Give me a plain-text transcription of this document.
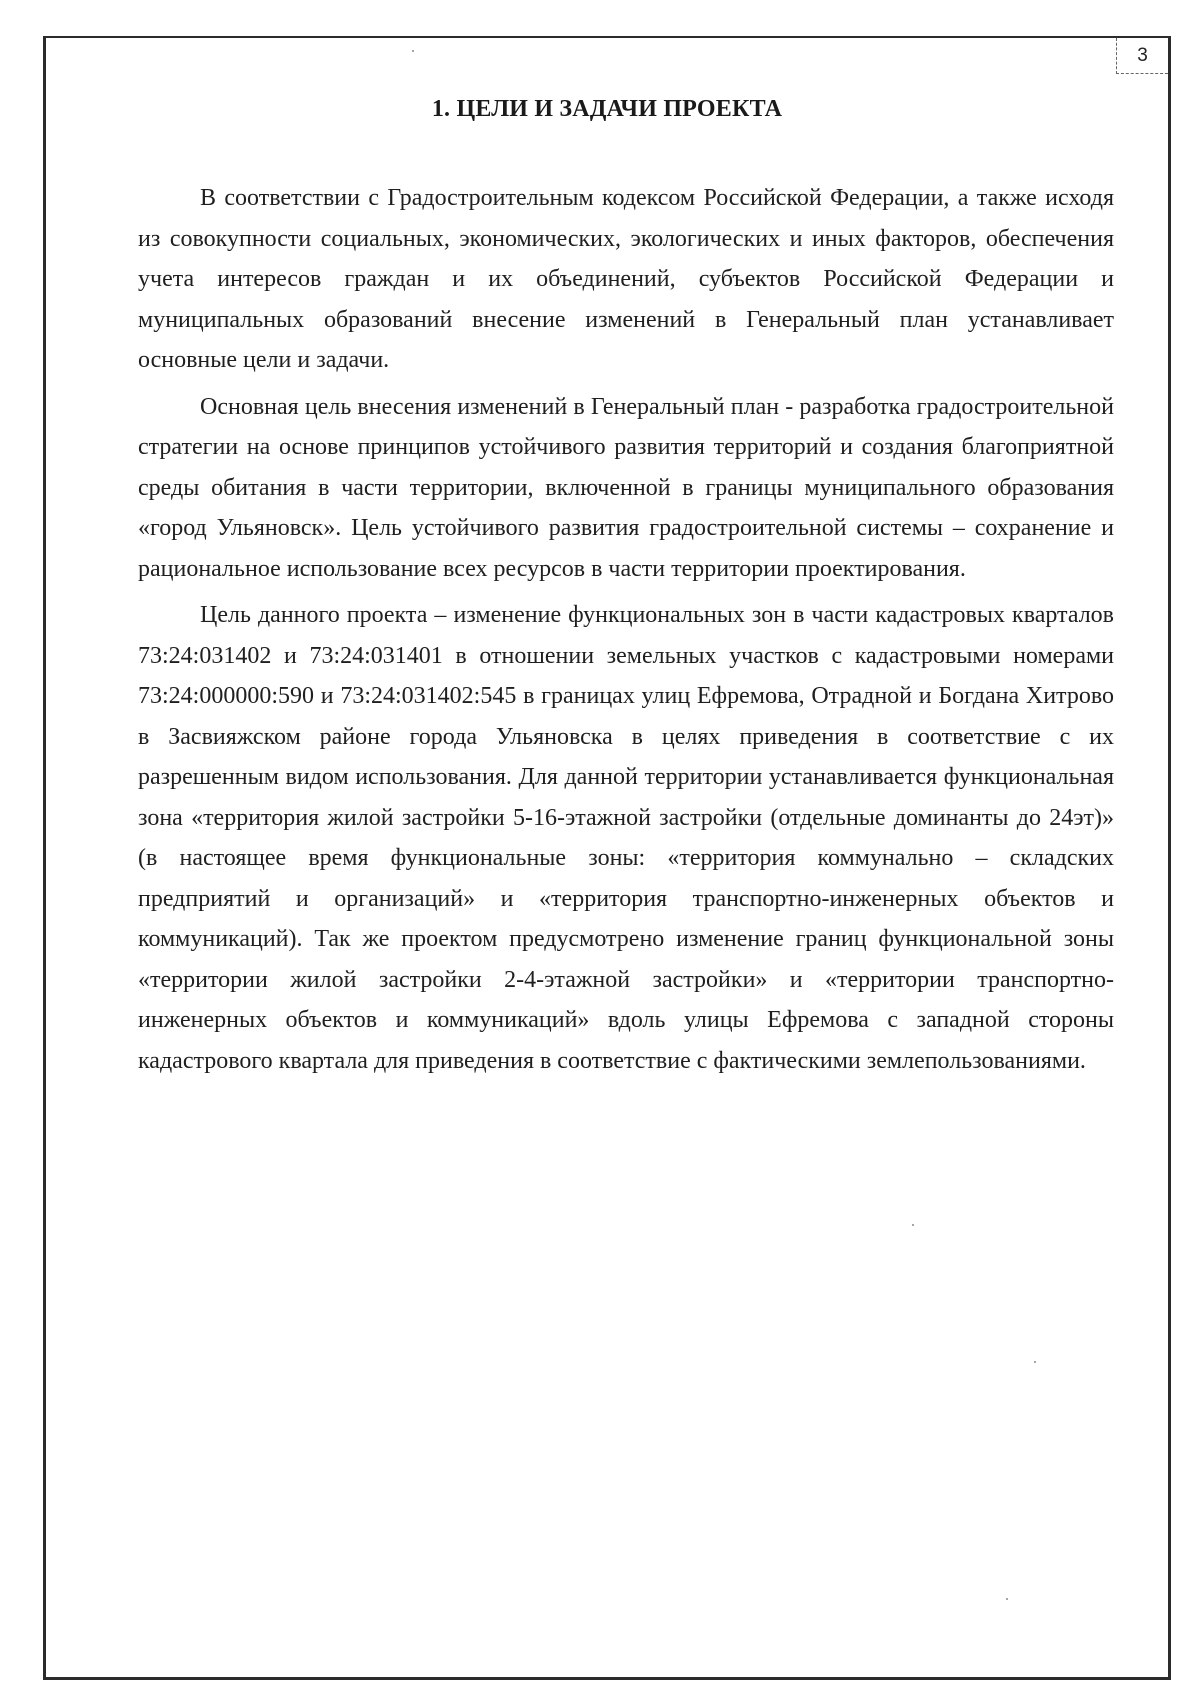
3
1. ЦЕЛИ И ЗАДАЧИ ПРОЕКТА

В соответствии с Градостроительным кодексом Российской Федерации, а также исходя из совокупности социальных, экономических, экологических и иных факторов, обеспечения учета интересов граждан и их объединений, субъектов Российской Федерации и муниципальных образований внесение изменений в Генеральный план устанавливает основные цели и задачи.

Основная цель внесения изменений в Генеральный план - разработка градостроительной стратегии на основе принципов устойчивого развития территорий и создания благоприятной среды обитания в части территории, включенной в границы муниципального образования «город Ульяновск». Цель устойчивого развития градостроительной системы – сохранение и рациональное использование всех ресурсов в части территории проектирования.

Цель данного проекта – изменение функциональных зон в части кадастровых кварталов 73:24:031402 и 73:24:031401 в отношении земельных участков с кадастровыми номерами 73:24:000000:590 и 73:24:031402:545 в границах улиц Ефремова, Отрадной и Богдана Хитрово в Засвияжском районе города Ульяновска в целях приведения в соответствие с их разрешенным видом использования. Для данной территории устанавливается функциональная зона «территория жилой застройки 5-16-этажной застройки (отдельные доминанты до 24эт)» (в настоящее время функциональные зоны: «территория коммунально – складских предприятий и организаций» и «территория транспортно-инженерных объектов и коммуникаций). Так же проектом предусмотрено изменение границ функциональной зоны «территории жилой застройки 2-4-этажной застройки» и «территории транспортно-инженерных объектов и коммуникаций» вдоль улицы Ефремова с западной стороны кадастрового квартала для приведения в соответствие с фактическими землепользованиями.
